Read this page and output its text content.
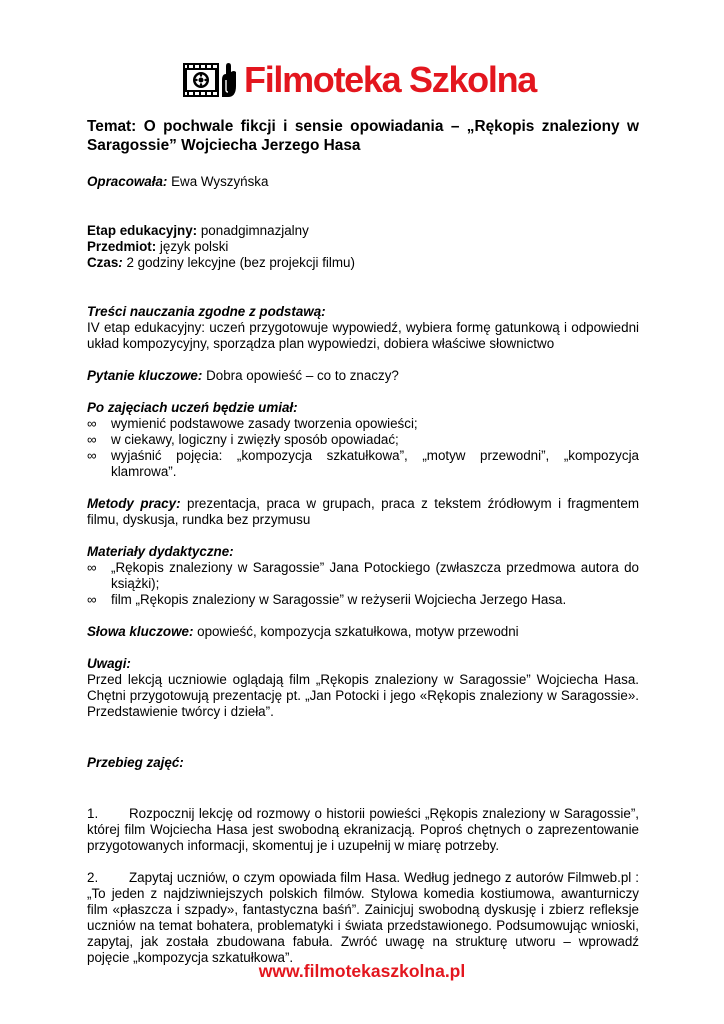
Filmoteka Szkolna

Temat: O pochwale fikcji i sensie opowiadania – „Rękopis znaleziony w Saragossie” Wojciecha Jerzego Hasa

Opracowała: Ewa Wyszyńska

Etap edukacyjny: ponadgimnazjalny

Przedmiot: język polski

Czas: 2 godziny lekcyjne (bez projekcji filmu)

Treści nauczania zgodne z podstawą:

IV etap edukacyjny: uczeń przygotowuje wypowiedź, wybiera formę gatunkową i odpowiedni układ kompozycyjny, sporządza plan wypowiedzi, dobiera właściwe słownictwo

Pytanie kluczowe: Dobra opowieść – co to znaczy?

Po zajęciach uczeń będzie umiał:

∞ wymienić podstawowe zasady tworzenia opowieści;
∞ w ciekawy, logiczny i zwięzły sposób opowiadać;
∞ wyjaśnić pojęcia: „kompozycja szkatułkowa”, „motyw przewodni”, „kompozycja klamrowa”.

Metody pracy: prezentacja, praca w grupach, praca z tekstem źródłowym i fragmentem filmu, dyskusja, rundka bez przymusu

Materiały dydaktyczne:

∞ „Rękopis znaleziony w Saragossie” Jana Potockiego (zwłaszcza przedmowa autora do książki);
∞ film „Rękopis znaleziony w Saragossie” w reżyserii Wojciecha Jerzego Hasa.

Słowa kluczowe: opowieść, kompozycja szkatułkowa, motyw przewodni

Uwagi:

Przed lekcją uczniowie oglądają film „Rękopis znaleziony w Saragossie” Wojciecha Hasa. Chętni przygotowują prezentację pt. „Jan Potocki i jego «Rękopis znaleziony w Saragossie». Przedstawienie twórcy i dzieła”.

Przebieg zajęć:

1. Rozpocznij lekcję od rozmowy o historii powieści „Rękopis znaleziony w Saragossie”, której film Wojciecha Hasa jest swobodną ekranizacją. Poproś chętnych o zaprezentowanie przygotowanych informacji, skomentuj je i uzupełnij w miarę potrzeby.

2. Zapytaj uczniów, o czym opowiada film Hasa. Według jednego z autorów Filmweb.pl : „To jeden z najdziwniejszych polskich filmów. Stylowa komedia kostiumowa, awanturniczy film «płaszcza i szpady», fantastyczna baśń”. Zainicjuj swobodną dyskusję i zbierz refleksje uczniów na temat bohatera, problematyki i świata przedstawionego. Podsumowując wnioski, zapytaj, jak została zbudowana fabuła. Zwróć uwagę na strukturę utworu – wprowadź pojęcie „kompozycja szkatułkowa”.

www.filmotekaszkolna.pl
